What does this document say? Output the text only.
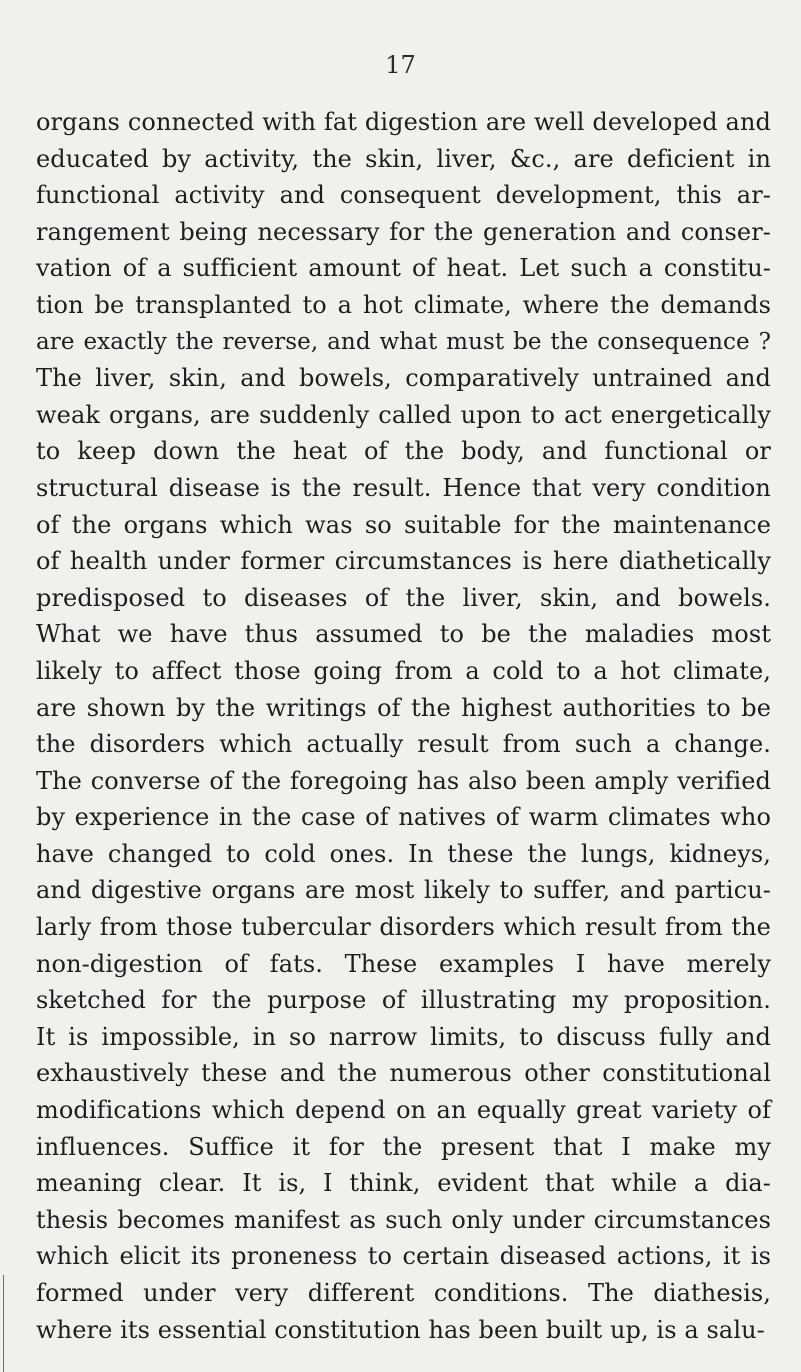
17
organs connected with fat digestion are well developed and
educated by activity, the skin, liver, &c., are deficient in
functional activity and consequent development, this ar-
rangement being necessary for the generation and conser-
vation of a sufficient amount of heat. Let such a constitu-
tion be transplanted to a hot climate, where the demands
are exactly the reverse, and what must be the consequence ?
The liver, skin, and bowels, comparatively untrained and
weak organs, are suddenly called upon to act energetically
to keep down the heat of the body, and functional or
structural disease is the result. Hence that very condition
of the organs which was so suitable for the maintenance
of health under former circumstances is here diathetically
predisposed to diseases of the liver, skin, and bowels.
What we have thus assumed to be the maladies most
likely to affect those going from a cold to a hot climate,
are shown by the writings of the highest authorities to be
the disorders which actually result from such a change.
The converse of the foregoing has also been amply verified
by experience in the case of natives of warm climates who
have changed to cold ones. In these the lungs, kidneys,
and digestive organs are most likely to suffer, and particu-
larly from those tubercular disorders which result from the
non-digestion of fats. These examples I have merely
sketched for the purpose of illustrating my proposition.
It is impossible, in so narrow limits, to discuss fully and
exhaustively these and the numerous other constitutional
modifications which depend on an equally great variety of
influences. Suffice it for the present that I make my
meaning clear. It is, I think, evident that while a dia-
thesis becomes manifest as such only under circumstances
which elicit its proneness to certain diseased actions, it is
formed under very different conditions. The diathesis,
where its essential constitution has been built up, is a salu-
